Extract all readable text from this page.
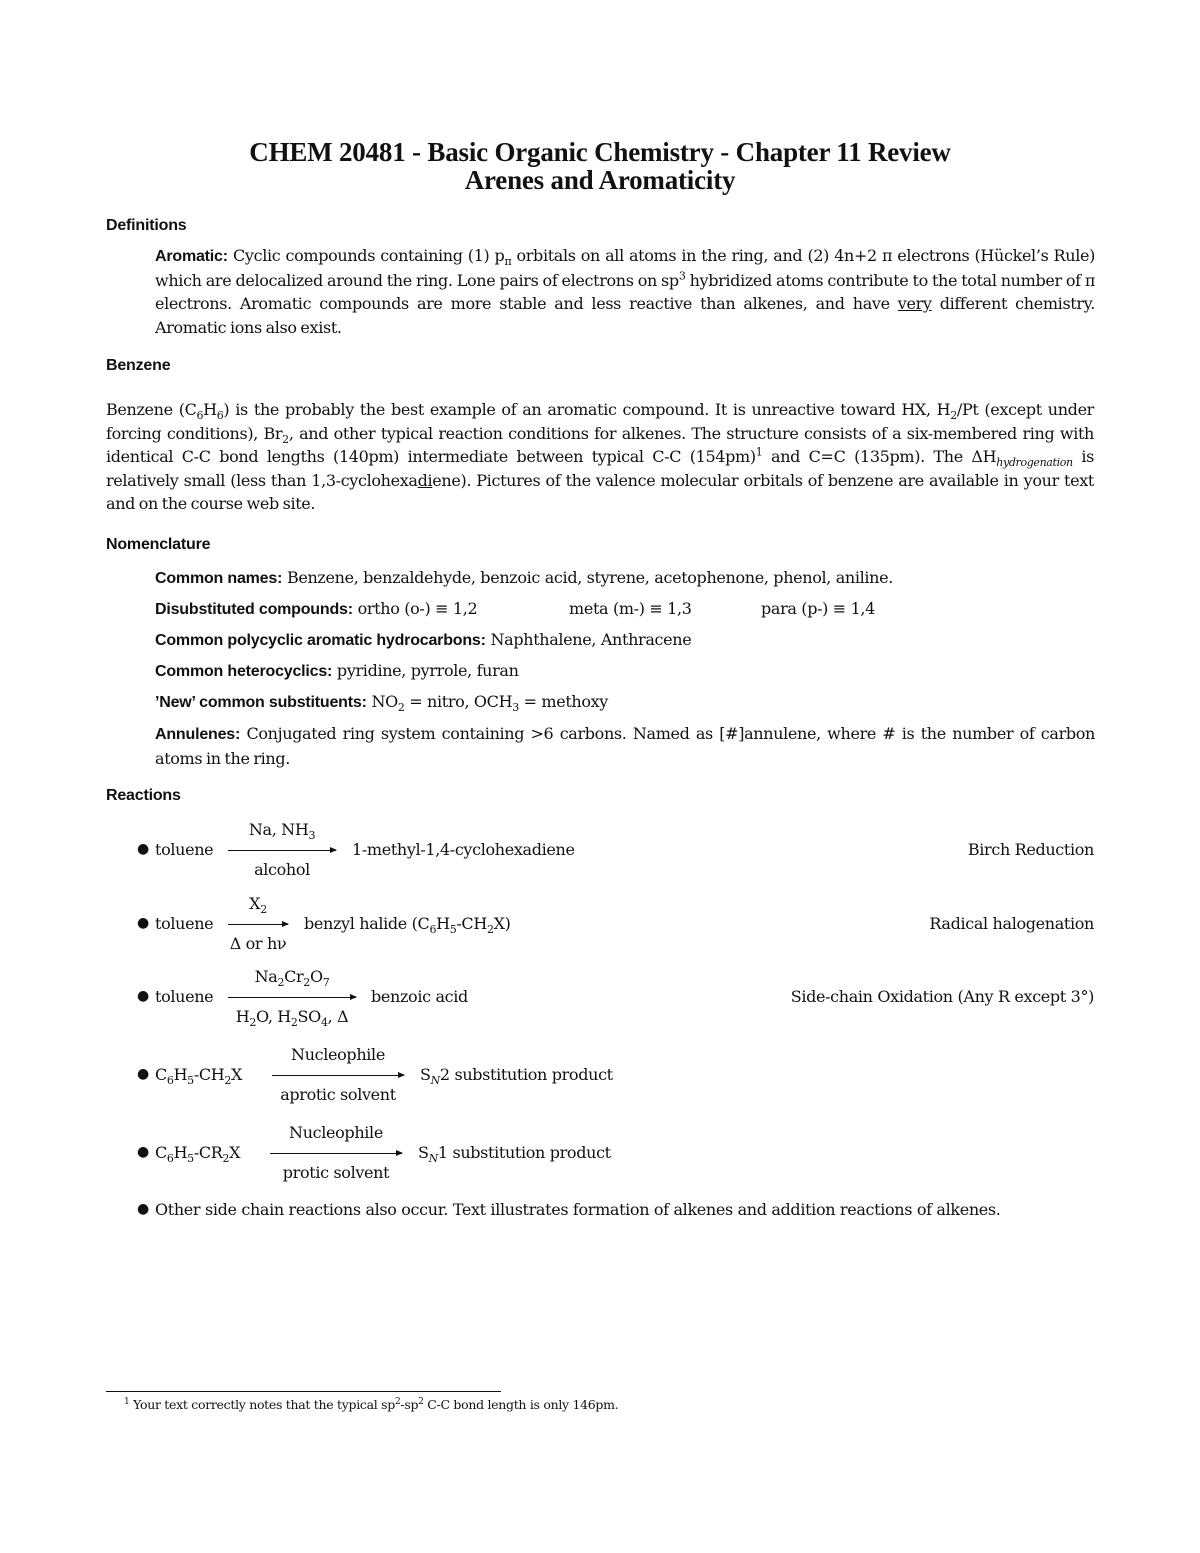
CHEM 20481 - Basic Organic Chemistry - Chapter 11 Review
Arenes and Aromaticity
Definitions
Aromatic: Cyclic compounds containing (1) $p_\pi$ orbitals on all atoms in the ring, and (2) 4n+2 π electrons (Hückel’s Rule) which are delocalized around the ring. Lone pairs of electrons on $sp^3$ hybridized atoms contribute to the total number of π electrons. Aromatic compounds are more stable and less reactive than alkenes, and have very different chemistry. Aromatic ions also exist.
Benzene
Benzene $(C_6H_6)$ is the probably the best example of an aromatic compound. It is unreactive toward HX, $H_2/Pt$ (except under forcing conditions), $Br_2$, and other typical reaction conditions for alkenes. The structure consists of a six-membered ring with identical C-C bond lengths (140pm) intermediate between typical C-C $(154pm)^1$ and C=C (135pm). The $\Delta H_{hydrogenation}$ is relatively small (less than 1,3-cyclohexadiene). Pictures of the valence molecular orbitals of benzene are available in your text and on the course web site.
Nomenclature
Common names: Benzene, benzaldehyde, benzoic acid, styrene, acetophenone, phenol, aniline.
Disubstituted compounds: ortho (o-) ≡ 1,2	meta (m-) ≡ 1,3	para (p-) ≡ 1,4
Common polycyclic aromatic hydrocarbons: Naphthalene, Anthracene
Common heterocyclics: pyridine, pyrrole, furan
’New’ common substituents: $NO_2$ = nitro, $OCH_3$ = methoxy
Annulenes: Conjugated ring system containing >6 carbons. Named as [#]annulene, where # is the number of carbon atoms in the ring.
Reactions
● toluene
Na, $NH_3$
alcohol
1-methyl-1,4-cyclohexadiene	Birch Reduction
● toluene
$X_2$
Δ or hν
benzyl halide $(C_6H_5-CH_2X)$	Radical halogenation
● toluene
$Na_2Cr_2O_7$
$H_2O$, $H_2SO_4$, Δ
benzoic acid	Side-chain Oxidation (Any R except 3°)
● $C_6H_5-CH_2X$
Nucleophile
aprotic solvent
$S_N2$ substitution product
● $C_6H_5-CR_2X$
Nucleophile
protic solvent
$S_N1$ substitution product
● Other side chain reactions also occur. Text illustrates formation of alkenes and addition reactions of alkenes.
$^1$ Your text correctly notes that the typical $sp^2-sp^2$ C-C bond length is only 146pm.
